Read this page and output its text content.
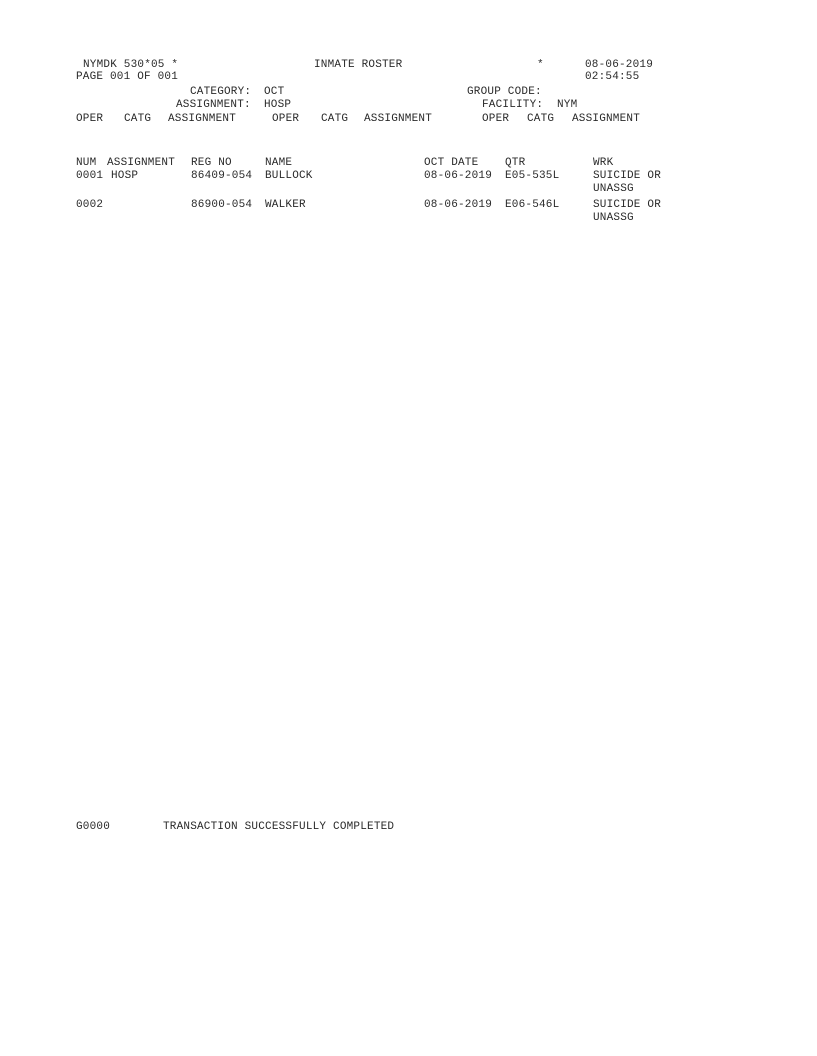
NYMDK 530*05 *	INMATE ROSTER	*	08-06-2019
PAGE 001 OF 001	02:54:55
CATEGORY: OCT	GROUP CODE:
ASSIGNMENT: HOSP	FACILITY: NYM
OPER CATG ASSIGNMENT	OPER CATG ASSIGNMENT	OPER CATG ASSIGNMENT
NUM ASSIGNMENT REG NO	NAME	OCT DATE QTR	WRK
0001 HOSP	86409-054 BULLOCK	08-06-2019 E05-535L	SUICIDE OR
UNASSG
0002	86900-054 WALKER	08-06-2019 E06-546L	SUICIDE OR
UNASSG
G0000	TRANSACTION SUCCESSFULLY COMPLETED
